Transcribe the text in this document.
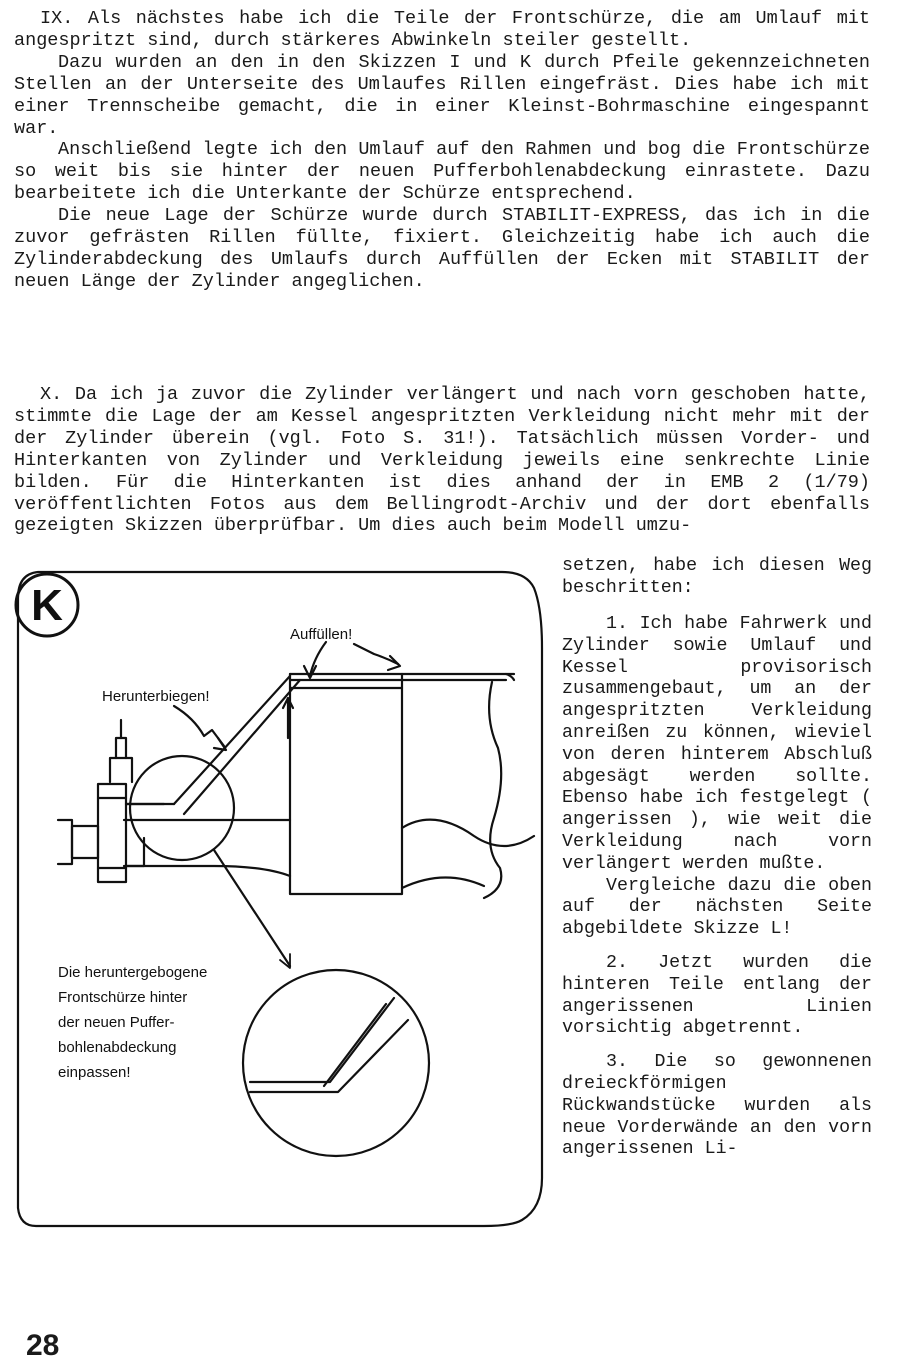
IX. Als nächstes habe ich die Teile der Frontschürze, die am Umlauf mit angespritzt sind, durch stärkeres Abwinkeln steiler gestellt.

Dazu wurden an den in den Skizzen I und K durch Pfeile gekennzeichneten Stellen an der Unterseite des Umlaufes Rillen eingefräst. Dies habe ich mit einer Trennscheibe gemacht, die in einer Kleinst-Bohrmaschine eingespannt war.

Anschließend legte ich den Umlauf auf den Rahmen und bog die Frontschürze so weit bis sie hinter der neuen Pufferbohlenabdeckung einrastete. Dazu bearbeitete ich die Unterkante der Schürze entsprechend.

Die neue Lage der Schürze wurde durch STABILIT-EXPRESS, das ich in die zuvor gefrästen Rillen füllte, fixiert. Gleichzeitig habe ich auch die Zylinderabdeckung des Umlaufs durch Auffüllen der Ecken mit STABILIT der neuen Länge der Zylinder angeglichen.

X. Da ich ja zuvor die Zylinder verlängert und nach vorn geschoben hatte, stimmte die Lage der am Kessel angespritzten Verkleidung nicht mehr mit der der Zylinder überein (vgl. Foto S. 31!). Tatsächlich müssen Vorder- und Hinterkanten von Zylinder und Verkleidung jeweils eine senkrechte Linie bilden. Für die Hinterkanten ist dies anhand der in EMB 2 (1/79) veröffentlichten Fotos aus dem Bellingrodt-Archiv und der dort ebenfalls gezeigten Skizzen überprüfbar. Um dies auch beim Modell umzu-

setzen, habe ich diesen Weg beschritten:

1. Ich habe Fahrwerk und Zylinder sowie Umlauf und Kessel provisorisch zusammengebaut, um an der angespritzten Verkleidung anreißen zu können, wieviel von deren hinterem Abschluß abgesägt werden sollte. Ebenso habe ich festgelegt ( angerissen ), wie weit die Verkleidung nach vorn verlängert werden mußte.

Vergleiche dazu die oben auf der nächsten Seite abgebildete Skizze L!

2. Jetzt wurden die hinteren Teile entlang der angerissenen Linien vorsichtig abgetrennt.

3. Die so gewonnenen dreieckförmigen Rückwandstücke wurden als neue Vorderwände an den vorn angerissenen Li-

K
Auffüllen!
Herunterbiegen!
Die heruntergebogene
Frontschürze hinter
der neuen Puffer-
bohlenabdeckung
einpassen!
28
